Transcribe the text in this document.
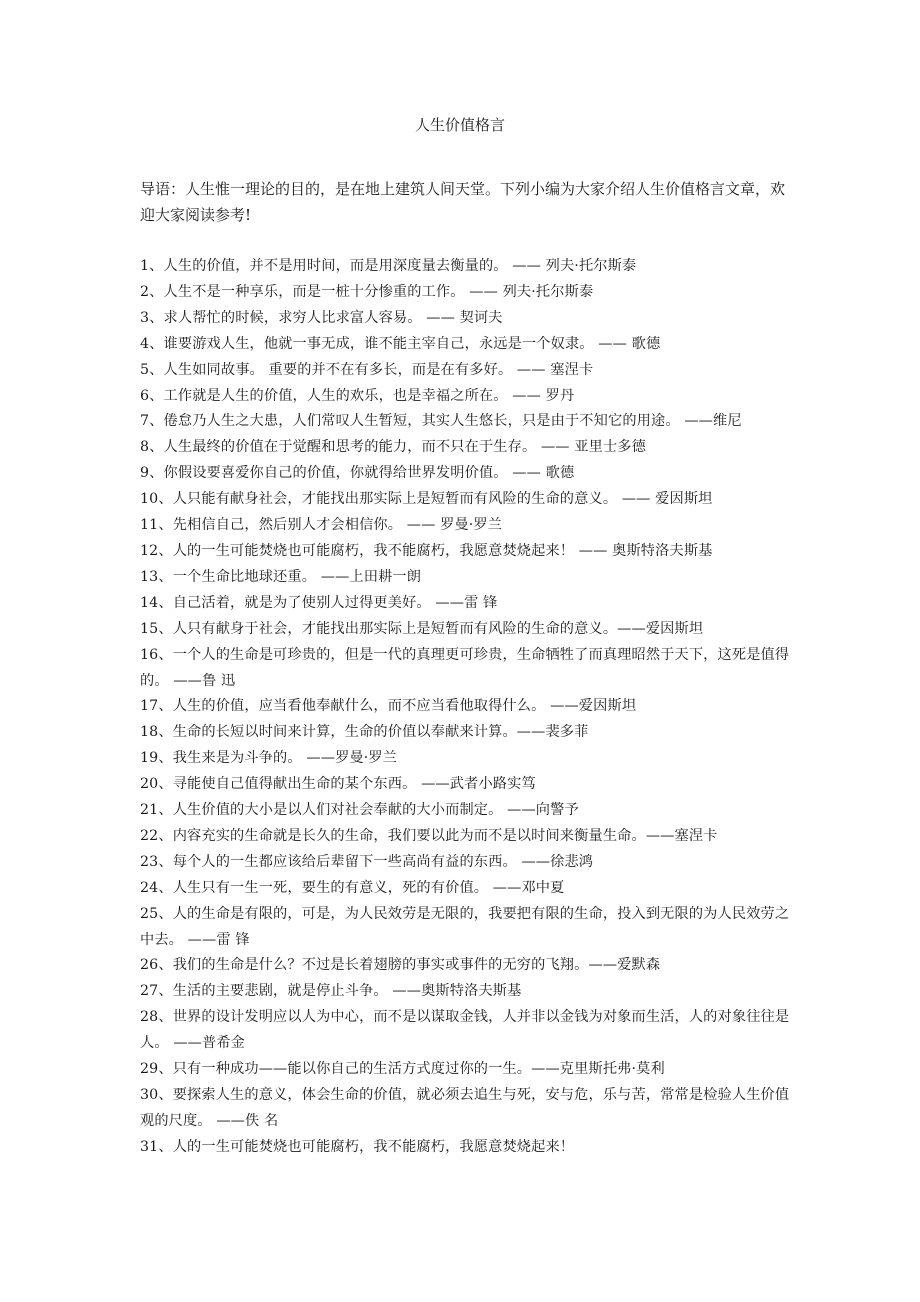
人生价值格言
导语：人生惟一理论的目的，是在地上建筑人间天堂。下列小编为大家介绍人生价值格言文章，欢迎大家阅读参考!
1、人生的价值，并不是用时间，而是用深度量去衡量的。 —— 列夫·托尔斯泰
2、人生不是一种享乐，而是一桩十分惨重的工作。 —— 列夫·托尔斯泰
3、求人帮忙的时候，求穷人比求富人容易。 —— 契诃夫
4、谁要游戏人生，他就一事无成，谁不能主宰自己，永远是一个奴隶。 —— 歌德
5、人生如同故事。 重要的并不在有多长，而是在有多好。 —— 塞涅卡
6、工作就是人生的价值，人生的欢乐，也是幸福之所在。 —— 罗丹
7、倦怠乃人生之大患，人们常叹人生暂短，其实人生悠长，只是由于不知它的用途。 ——维尼
8、人生最终的价值在于觉醒和思考的能力，而不只在于生存。 —— 亚里士多德
9、你假设要喜爱你自己的价值，你就得给世界发明价值。 —— 歌德
10、人只能有献身社会，才能找出那实际上是短暂而有风险的生命的意义。 —— 爱因斯坦
11、先相信自己，然后别人才会相信你。 —— 罗曼·罗兰
12、人的一生可能焚烧也可能腐朽，我不能腐朽，我愿意焚烧起来！ —— 奥斯特洛夫斯基
13、一个生命比地球还重。 ——上田耕一朗
14、自己活着，就是为了使别人过得更美好。 ——雷 锋
15、人只有献身于社会，才能找出那实际上是短暂而有风险的生命的意义。——爱因斯坦
16、一个人的生命是可珍贵的，但是一代的真理更可珍贵，生命牺牲了而真理昭然于天下，这死是值得的。 ——鲁 迅
17、人生的价值，应当看他奉献什么，而不应当看他取得什么。 ——爱因斯坦
18、生命的长短以时间来计算，生命的价值以奉献来计算。——裴多菲
19、我生来是为斗争的。 ——罗曼·罗兰
20、寻能使自己值得献出生命的某个东西。 ——武者小路实笃
21、人生价值的大小是以人们对社会奉献的大小而制定。 ——向警予
22、内容充实的生命就是长久的生命，我们要以此为而不是以时间来衡量生命。——塞涅卡
23、每个人的一生都应该给后辈留下一些高尚有益的东西。 ——徐悲鸿
24、人生只有一生一死，要生的有意义，死的有价值。 ——邓中夏
25、人的生命是有限的，可是，为人民效劳是无限的，我要把有限的生命，投入到无限的为人民效劳之中去。 ——雷 锋
26、我们的生命是什么？不过是长着翅膀的事实或事件的无穷的飞翔。——爱默森
27、生活的主要悲剧，就是停止斗争。 ——奥斯特洛夫斯基
28、世界的设计发明应以人为中心，而不是以谋取金钱，人并非以金钱为对象而生活，人的对象往往是人。 ——普希金
29、只有一种成功——能以你自己的生活方式度过你的一生。——克里斯托弗·莫利
30、要探索人生的意义，体会生命的价值，就必须去追生与死，安与危，乐与苦，常常是检验人生价值观的尺度。 ——佚 名
31、人的一生可能焚烧也可能腐朽，我不能腐朽，我愿意焚烧起来！
